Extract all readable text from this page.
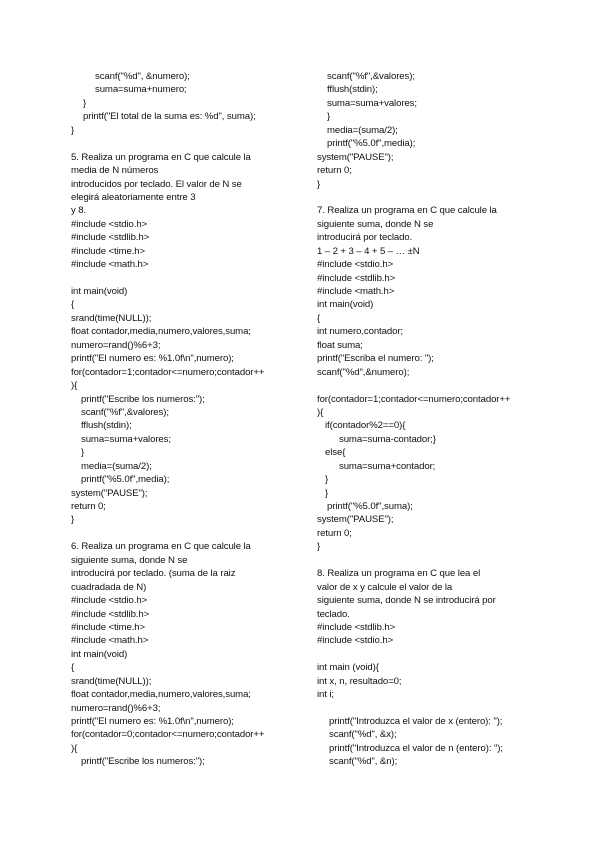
scanf("%d", &numero);
suma=suma+numero;
}
printf("El total de la suma es: %d", suma);
}
5. Realiza un programa en C que calcule la
media de N números
introducidos por teclado. El valor de N se
elegirá aleatoriamente entre 3
y 8.
#include <stdio.h>
#include <stdlib.h>
#include <time.h>
#include <math.h>
int main(void)
{
srand(time(NULL));
float contador,media,numero,valores,suma;
numero=rand()%6+3;
printf("El numero es: %1.0f\n",numero);
for(contador=1;contador<=numero;contador++
){
printf("Escribe los numeros:");
scanf("%f",&valores);
fflush(stdin);
suma=suma+valores;
}
media=(suma/2);
printf("%5.0f",media);
system("PAUSE");
return 0;
}
6. Realiza un programa en C que calcule la
siguiente suma, donde N se
introducirá por teclado. (suma de la raiz
cuadradada de N)
#include <stdio.h>
#include <stdlib.h>
#include <time.h>
#include <math.h>
int main(void)
{
srand(time(NULL));
float contador,media,numero,valores,suma;
numero=rand()%6+3;
printf("El numero es: %1.0f\n",numero);
for(contador=0;contador<=numero;contador++
){
printf("Escribe los numeros:");
scanf("%f",&valores);
fflush(stdin);
suma=suma+valores;
}
media=(suma/2);
printf("%5.0f",media);
system("PAUSE");
return 0;
}
7. Realiza un programa en C que calcule la
siguiente suma, donde N se
introducirá por teclado.
1 – 2 + 3 – 4 + 5 – … ±N
#include <stdio.h>
#include <stdlib.h>
#include <math.h>
int main(void)
{
int numero,contador;
float suma;
printf("Escriba el numero: ");
scanf("%d",&numero);
for(contador=1;contador<=numero;contador++
){
if(contador%2==0){
suma=suma-contador;}
else{
suma=suma+contador;
}
}
printf("%5.0f",suma);
system("PAUSE");
return 0;
}
8. Realiza un programa en C que lea el
valor de x y calcule el valor de la
siguiente suma, donde N se introducirá por
teclado.
#include <stdlib.h>
#include <stdio.h>
int main (void){
int x, n, resultado=0;
int i;
printf("Introduzca el valor de x (entero): ");
scanf("%d", &x);
printf("Introduzca el valor de n (entero): ");
scanf("%d", &n);
